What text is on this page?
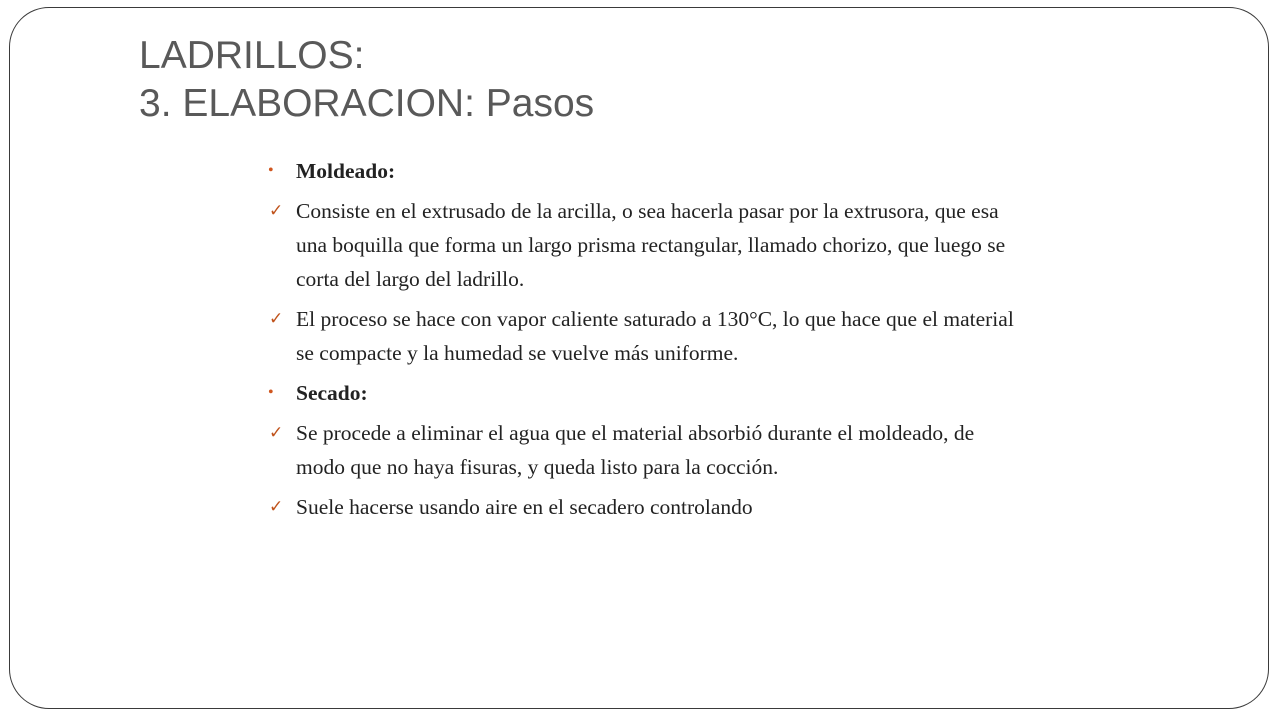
LADRILLOS:
3. ELABORACION: Pasos
•	Moldeado:
✓ Consiste en el extrusado de la arcilla, o sea hacerla pasar por la extrusora, que esa una boquilla que forma un largo prisma rectangular, llamado chorizo, que luego se corta del largo del ladrillo.
✓ El proceso se hace con vapor caliente saturado a 130°C, lo que hace que el material se compacte y la humedad se vuelve más uniforme.
•	Secado:
✓ Se procede a eliminar el agua que el material absorbió durante el moldeado, de modo que no haya fisuras, y queda listo para la cocción.
✓ Suele hacerse usando aire en el secadero controlando
